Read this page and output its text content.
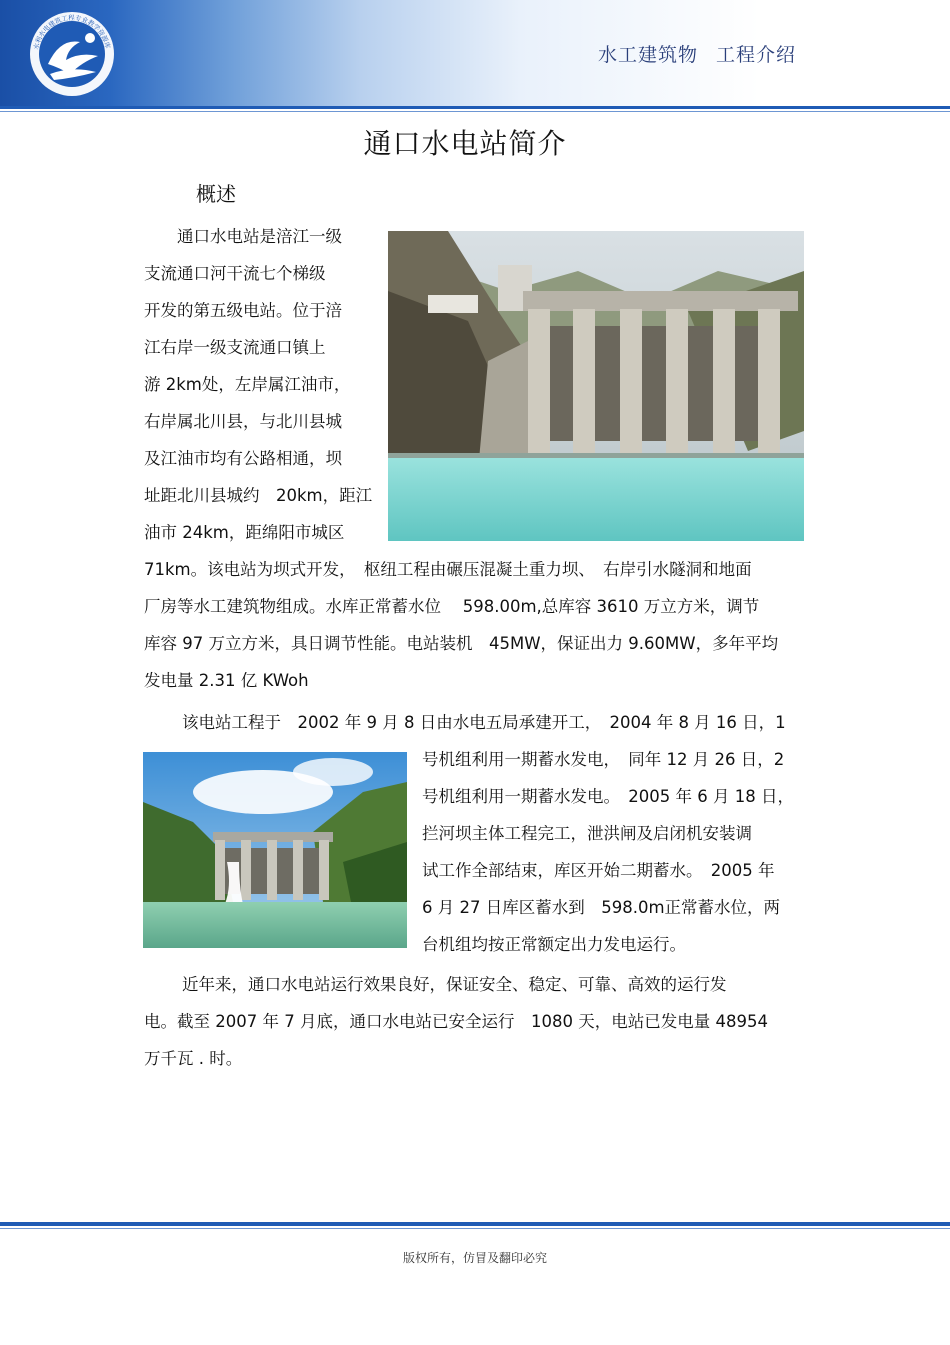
水利水电建筑工程专业教学资源库	水工建筑物 工程介绍
通口水电站简介
概述
通口水电站是涪江一级
支流通口河干流七个梯级
开发的第五级电站。位于涪
江右岸一级支流通口镇上
游 2km处，左岸属江油市，
右岸属北川县，与北川县城
及江油市均有公路相通，坝
址距北川县城约　20km，距江
油市 24km，距绵阳市城区
71km。该电站为坝式开发，　枢纽工程由碾压混凝土重力坝、　右岸引水隧洞和地面
厂房等水工建筑物组成。水库正常蓄水位　 598.00m,总库容 3610 万立方米，调节
库容 97 万立方米，具日调节性能。电站装机　45MW，保证出力 9.60MW，多年平均
发电量 2.31 亿 KWoh
该电站工程于　2002 年 9 月 8 日由水电五局承建开工，　2004 年 8 月 16 日，1
号机组利用一期蓄水发电，　同年 12 月 26 日，2
号机组利用一期蓄水发电。　2005 年 6 月 18 日，
拦河坝主体工程完工，泄洪闸及启闭机安装调
试工作全部结束，库区开始二期蓄水。　2005 年
6 月 27 日库区蓄水到　598.0m正常蓄水位，两
台机组均按正常额定出力发电运行。
近年来，通口水电站运行效果良好，保证安全、稳定、可靠、高效的运行发
电。截至 2007 年 7 月底，通口水电站已安全运行　1080 天，电站已发电量 48954
万千瓦 . 时。
版权所有，仿冒及翻印必究
